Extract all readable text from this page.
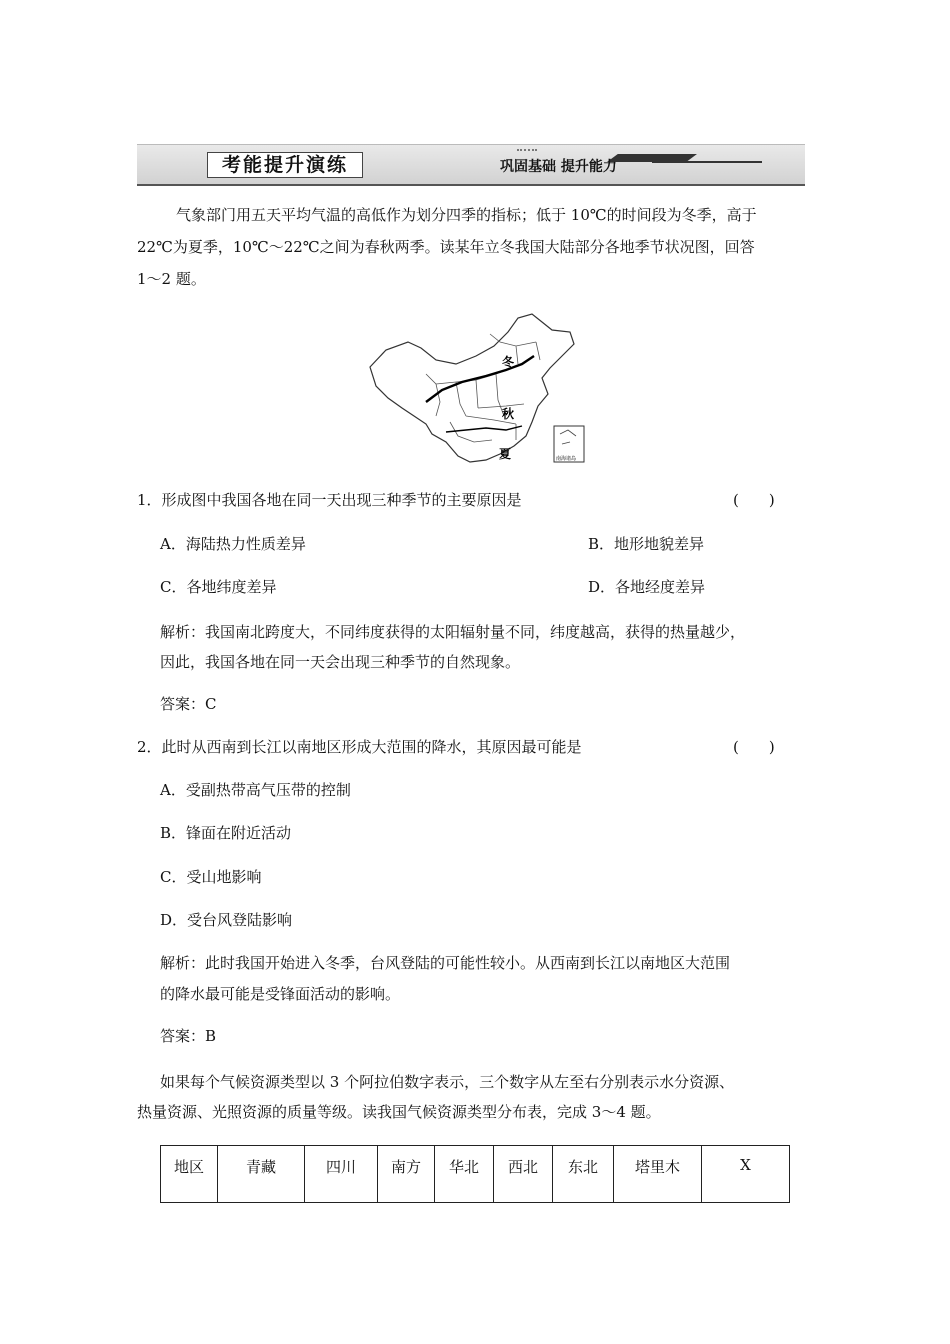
考能提升演练	巩固基础 提升能力

气象部门用五天平均气温的高低作为划分四季的指标；低于 10℃的时间段为冬季，高于

22℃为夏季，10℃～22℃之间为春秋两季。读某年立冬我国大陆部分各地季节状况图，回答

1～2 题。

冬
秋
夏	南海诸岛
1．形成图中我国各地在同一天出现三种季节的主要原因是	(　　)
A．海陆热力性质差异	B．地形地貌差异
C．各地纬度差异	D．各地经度差异

解析：我国南北跨度大，不同纬度获得的太阳辐射量不同，纬度越高，获得的热量越少，

因此，我国各地在同一天会出现三种季节的自然现象。

答案：C

2．此时从西南到长江以南地区形成大范围的降水，其原因最可能是	(　　)
A．受副热带高气压带的控制
B．锋面在附近活动
C．受山地影响
D．受台风登陆影响

解析：此时我国开始进入冬季，台风登陆的可能性较小。从西南到长江以南地区大范围

的降水最可能是受锋面活动的影响。

答案：B

如果每个气候资源类型以 3 个阿拉伯数字表示，三个数字从左至右分别表示水分资源、

热量资源、光照资源的质量等级。读我国气候资源类型分布表，完成 3～4 题。

地区	青藏	四川	南方	华北	西北	东北	塔里木	X
